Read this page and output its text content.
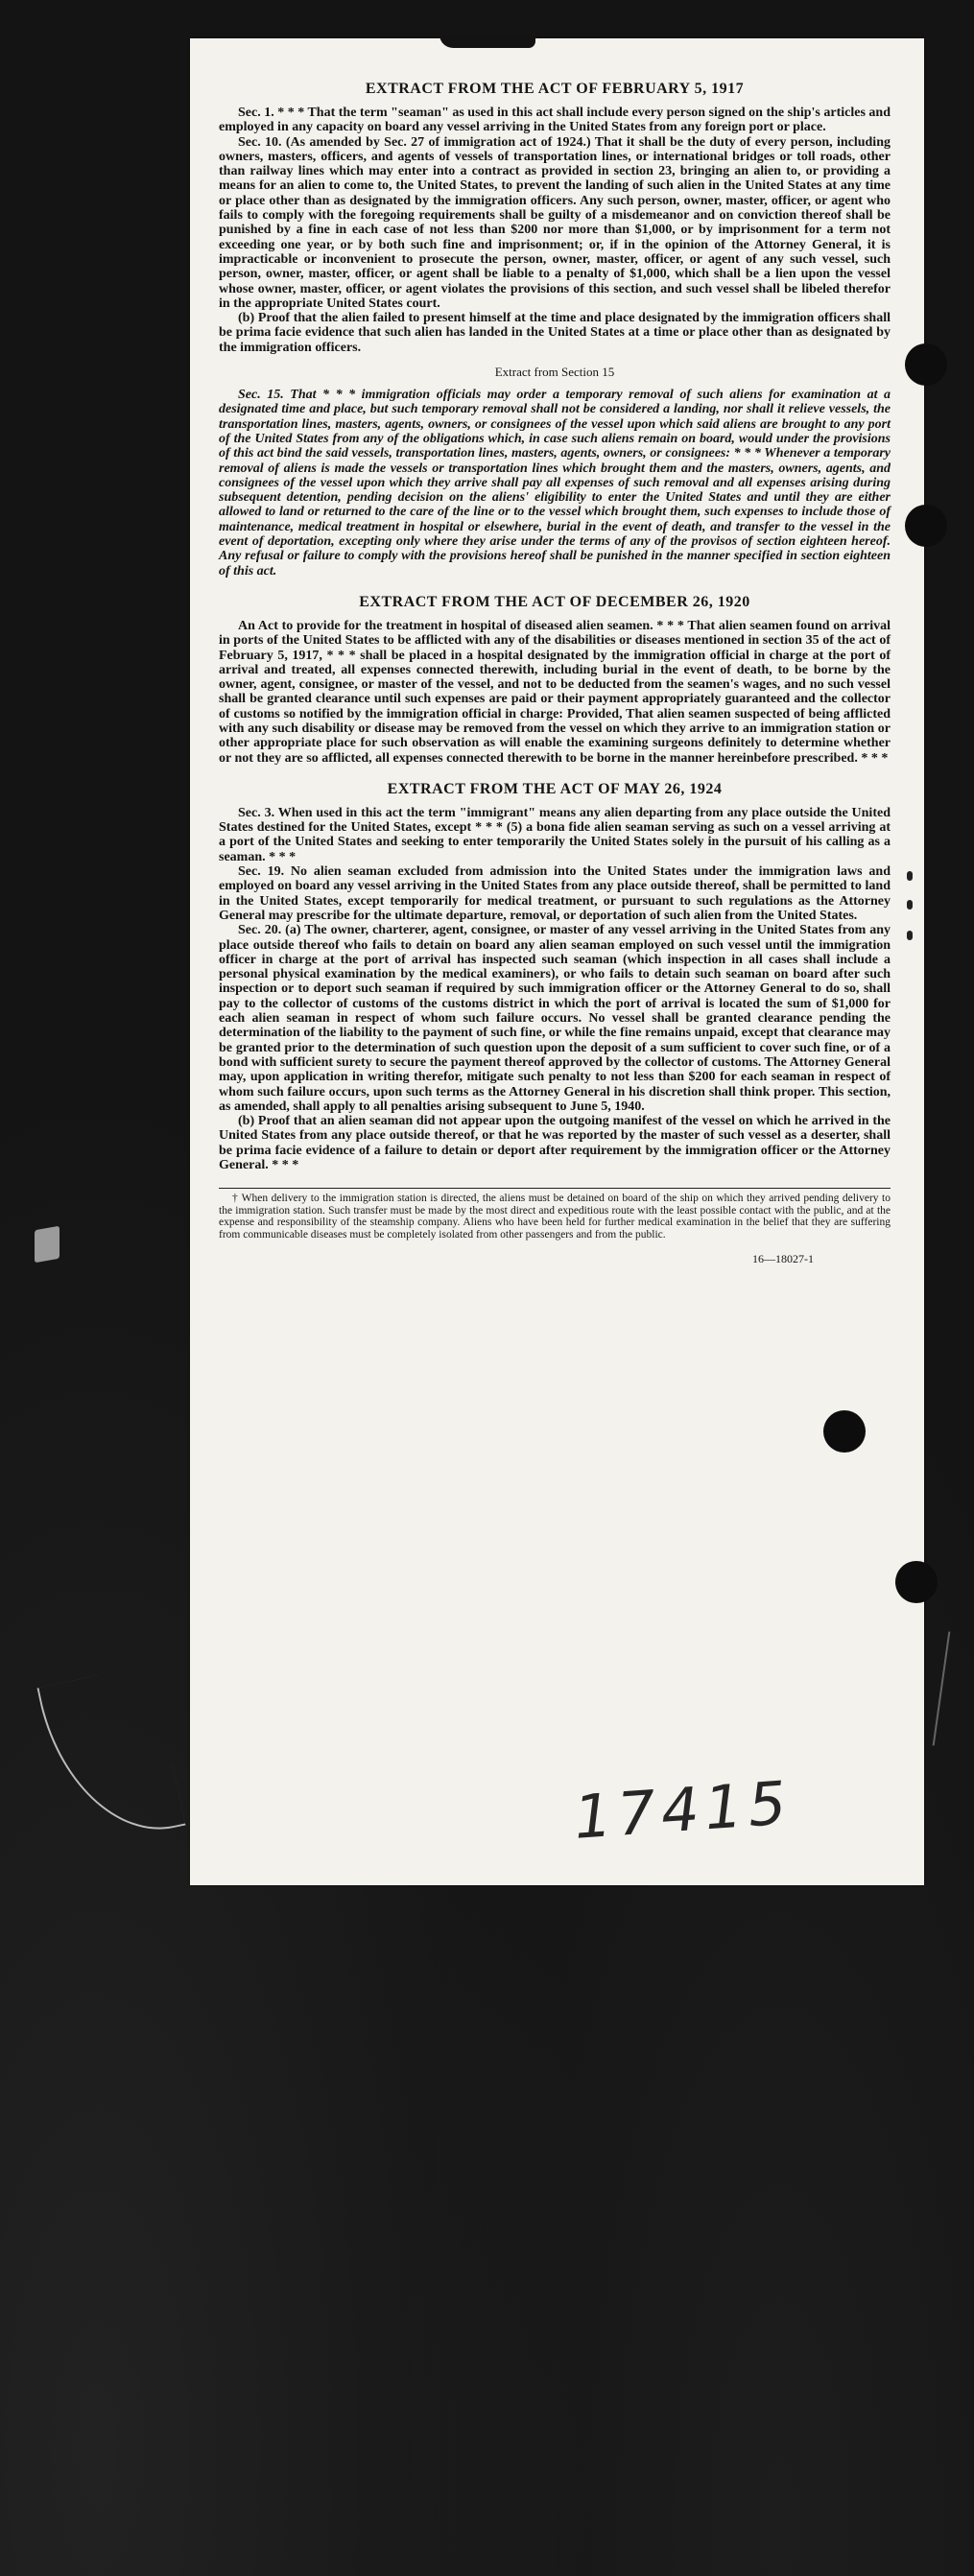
EXTRACT FROM THE ACT OF FEBRUARY 5, 1917

Sec. 1. * * * That the term "seaman" as used in this act shall include every person signed on the ship's articles and employed in any capacity on board any vessel arriving in the United States from any foreign port or place.

Sec. 10. (As amended by Sec. 27 of immigration act of 1924.) That it shall be the duty of every person, including owners, masters, officers, and agents of vessels of transportation lines, or international bridges or toll roads, other than railway lines which may enter into a contract as provided in section 23, bringing an alien to, or providing a means for an alien to come to, the United States, to prevent the landing of such alien in the United States at any time or place other than as designated by the immigration officers. Any such person, owner, master, officer, or agent who fails to comply with the foregoing requirements shall be guilty of a misdemeanor and on conviction thereof shall be punished by a fine in each case of not less than $200 nor more than $1,000, or by imprisonment for a term not exceeding one year, or by both such fine and imprisonment; or, if in the opinion of the Attorney General, it is impracticable or inconvenient to prosecute the person, owner, master, officer, or agent of any such vessel, such person, owner, master, officer, or agent shall be liable to a penalty of $1,000, which shall be a lien upon the vessel whose owner, master, officer, or agent violates the provisions of this section, and such vessel shall be libeled therefor in the appropriate United States court.

(b) Proof that the alien failed to present himself at the time and place designated by the immigration officers shall be prima facie evidence that such alien has landed in the United States at a time or place other than as designated by the immigration officers.

Extract from Section 15

Sec. 15. That * * * immigration officials may order a temporary removal of such aliens for examination at a designated time and place, but such temporary removal shall not be considered a landing, nor shall it relieve vessels, the transportation lines, masters, agents, owners, or consignees of the vessel upon which said aliens are brought to any port of the United States from any of the obligations which, in case such aliens remain on board, would under the provisions of this act bind the said vessels, transportation lines, masters, agents, owners, or consignees: * * * Whenever a temporary removal of aliens is made the vessels or transportation lines which brought them and the masters, owners, agents, and consignees of the vessel upon which they arrive shall pay all expenses of such removal and all expenses arising during subsequent detention, pending decision on the aliens' eligibility to enter the United States and until they are either allowed to land or returned to the care of the line or to the vessel which brought them, such expenses to include those of maintenance, medical treatment in hospital or elsewhere, burial in the event of death, and transfer to the vessel in the event of deportation, excepting only where they arise under the terms of any of the provisos of section eighteen hereof. Any refusal or failure to comply with the provisions hereof shall be punished in the manner specified in section eighteen of this act.

EXTRACT FROM THE ACT OF DECEMBER 26, 1920

An Act to provide for the treatment in hospital of diseased alien seamen. * * * That alien seamen found on arrival in ports of the United States to be afflicted with any of the disabilities or diseases mentioned in section 35 of the act of February 5, 1917, * * * shall be placed in a hospital designated by the immigration official in charge at the port of arrival and treated, all expenses connected therewith, including burial in the event of death, to be borne by the owner, agent, consignee, or master of the vessel, and not to be deducted from the seamen's wages, and no such vessel shall be granted clearance until such expenses are paid or their payment appropriately guaranteed and the collector of customs so notified by the immigration official in charge: Provided, That alien seamen suspected of being afflicted with any such disability or disease may be removed from the vessel on which they arrive to an immigration station or other appropriate place for such observation as will enable the examining surgeons definitely to determine whether or not they are so afflicted, all expenses connected therewith to be borne in the manner hereinbefore prescribed. * * *

EXTRACT FROM THE ACT OF MAY 26, 1924

Sec. 3. When used in this act the term "immigrant" means any alien departing from any place outside the United States destined for the United States, except * * * (5) a bona fide alien seaman serving as such on a vessel arriving at a port of the United States and seeking to enter temporarily the United States solely in the pursuit of his calling as a seaman. * * *

Sec. 19. No alien seaman excluded from admission into the United States under the immigration laws and employed on board any vessel arriving in the United States from any place outside thereof, shall be permitted to land in the United States, except temporarily for medical treatment, or pursuant to such regulations as the Attorney General may prescribe for the ultimate departure, removal, or deportation of such alien from the United States.

Sec. 20. (a) The owner, charterer, agent, consignee, or master of any vessel arriving in the United States from any place outside thereof who fails to detain on board any alien seaman employed on such vessel until the immigration officer in charge at the port of arrival has inspected such seaman (which inspection in all cases shall include a personal physical examination by the medical examiners), or who fails to detain such seaman on board after such inspection or to deport such seaman if required by such immigration officer or the Attorney General to do so, shall pay to the collector of customs of the customs district in which the port of arrival is located the sum of $1,000 for each alien seaman in respect of whom such failure occurs. No vessel shall be granted clearance pending the determination of the liability to the payment of such fine, or while the fine remains unpaid, except that clearance may be granted prior to the determination of such question upon the deposit of a sum sufficient to cover such fine, or of a bond with sufficient surety to secure the payment thereof approved by the collector of customs. The Attorney General may, upon application in writing therefor, mitigate such penalty to not less than $200 for each seaman in respect of whom such failure occurs, upon such terms as the Attorney General in his discretion shall think proper. This section, as amended, shall apply to all penalties arising subsequent to June 5, 1940.

(b) Proof that an alien seaman did not appear upon the outgoing manifest of the vessel on which he arrived in the United States from any place outside thereof, or that he was reported by the master of such vessel as a deserter, shall be prima facie evidence of a failure to detain or deport after requirement by the immigration officer or the Attorney General. * * *

† When delivery to the immigration station is directed, the aliens must be detained on board of the ship on which they arrived pending delivery to the immigration station. Such transfer must be made by the most direct and expeditious route with the least possible contact with the public, and at the expense and responsibility of the steamship company. Aliens who have been held for further medical examination in the belief that they are suffering from communicable diseases must be completely isolated from other passengers and from the public.

16—18027-1
17415
